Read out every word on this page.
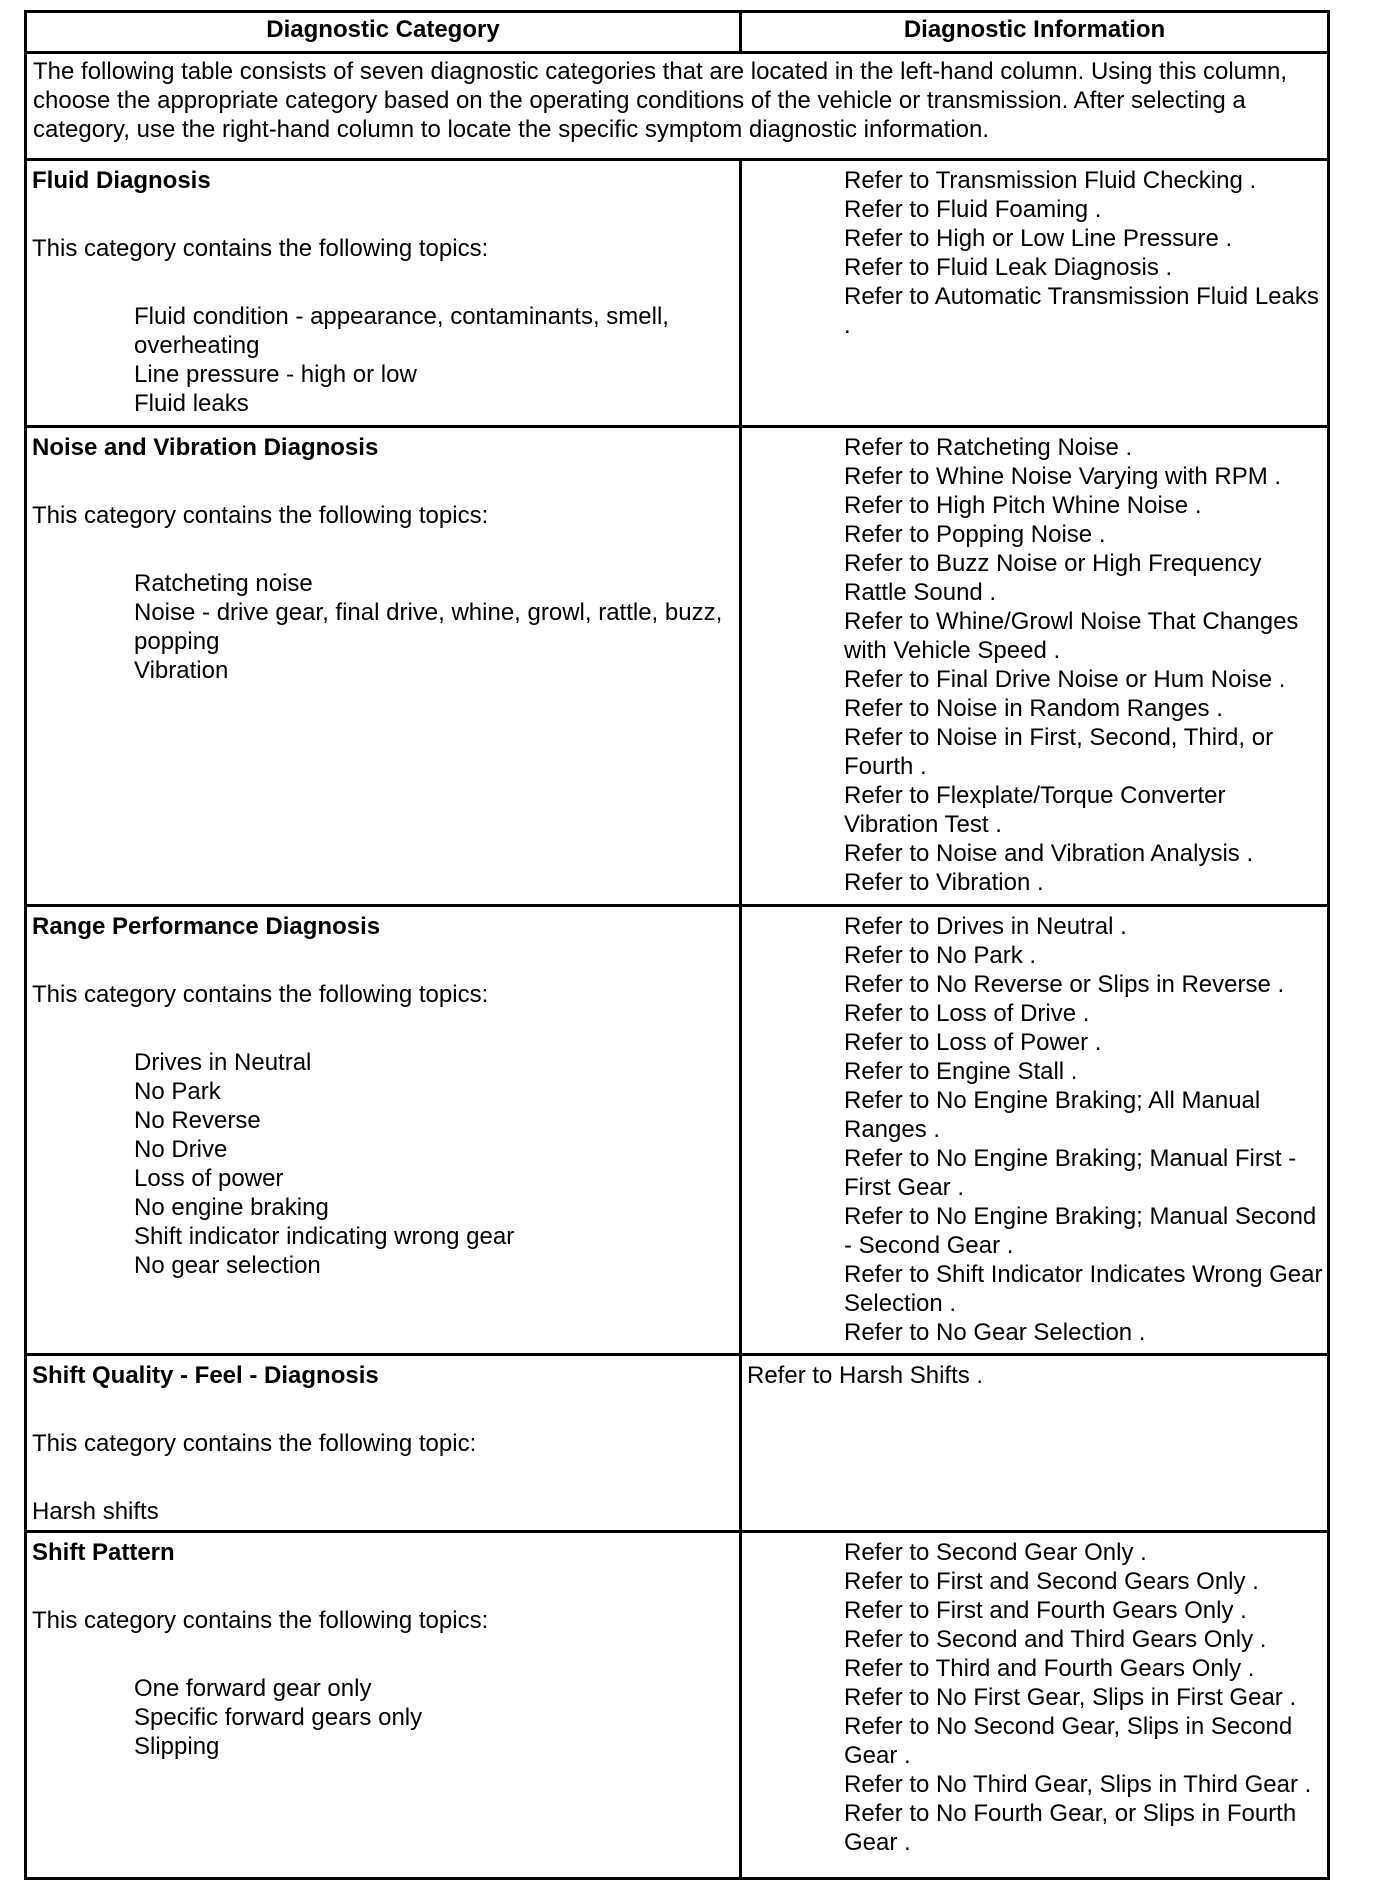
Diagnostic Category	Diagnostic Information
The following table consists of seven diagnostic categories that are located in the left-hand column. Using this column, choose the appropriate category based on the operating conditions of the vehicle or transmission. After selecting a category, use the right-hand column to locate the specific symptom diagnostic information.
Fluid Diagnosis
This category contains the following topics:
Fluid condition - appearance, contaminants, smell, overheating
Line pressure - high or low
Fluid leaks
Refer to Transmission Fluid Checking .
Refer to Fluid Foaming .
Refer to High or Low Line Pressure .
Refer to Fluid Leak Diagnosis .
Refer to Automatic Transmission Fluid Leaks .
Noise and Vibration Diagnosis
This category contains the following topics:
Ratcheting noise
Noise - drive gear, final drive, whine, growl, rattle, buzz, popping
Vibration
Refer to Ratcheting Noise .
Refer to Whine Noise Varying with RPM .
Refer to High Pitch Whine Noise .
Refer to Popping Noise .
Refer to Buzz Noise or High Frequency Rattle Sound .
Refer to Whine/Growl Noise That Changes with Vehicle Speed .
Refer to Final Drive Noise or Hum Noise .
Refer to Noise in Random Ranges .
Refer to Noise in First, Second, Third, or Fourth .
Refer to Flexplate/Torque Converter Vibration Test .
Refer to Noise and Vibration Analysis .
Refer to Vibration .
Range Performance Diagnosis
This category contains the following topics:
Drives in Neutral
No Park
No Reverse
No Drive
Loss of power
No engine braking
Shift indicator indicating wrong gear
No gear selection
Refer to Drives in Neutral .
Refer to No Park .
Refer to No Reverse or Slips in Reverse .
Refer to Loss of Drive .
Refer to Loss of Power .
Refer to Engine Stall .
Refer to No Engine Braking; All Manual Ranges .
Refer to No Engine Braking; Manual First - First Gear .
Refer to No Engine Braking; Manual Second - Second Gear .
Refer to Shift Indicator Indicates Wrong Gear Selection .
Refer to No Gear Selection .
Shift Quality - Feel - Diagnosis
This category contains the following topic:
Harsh shifts
Refer to Harsh Shifts .
Shift Pattern
This category contains the following topics:
One forward gear only
Specific forward gears only
Slipping
Refer to Second Gear Only .
Refer to First and Second Gears Only .
Refer to First and Fourth Gears Only .
Refer to Second and Third Gears Only .
Refer to Third and Fourth Gears Only .
Refer to No First Gear, Slips in First Gear .
Refer to No Second Gear, Slips in Second Gear .
Refer to No Third Gear, Slips in Third Gear .
Refer to No Fourth Gear, or Slips in Fourth Gear .
